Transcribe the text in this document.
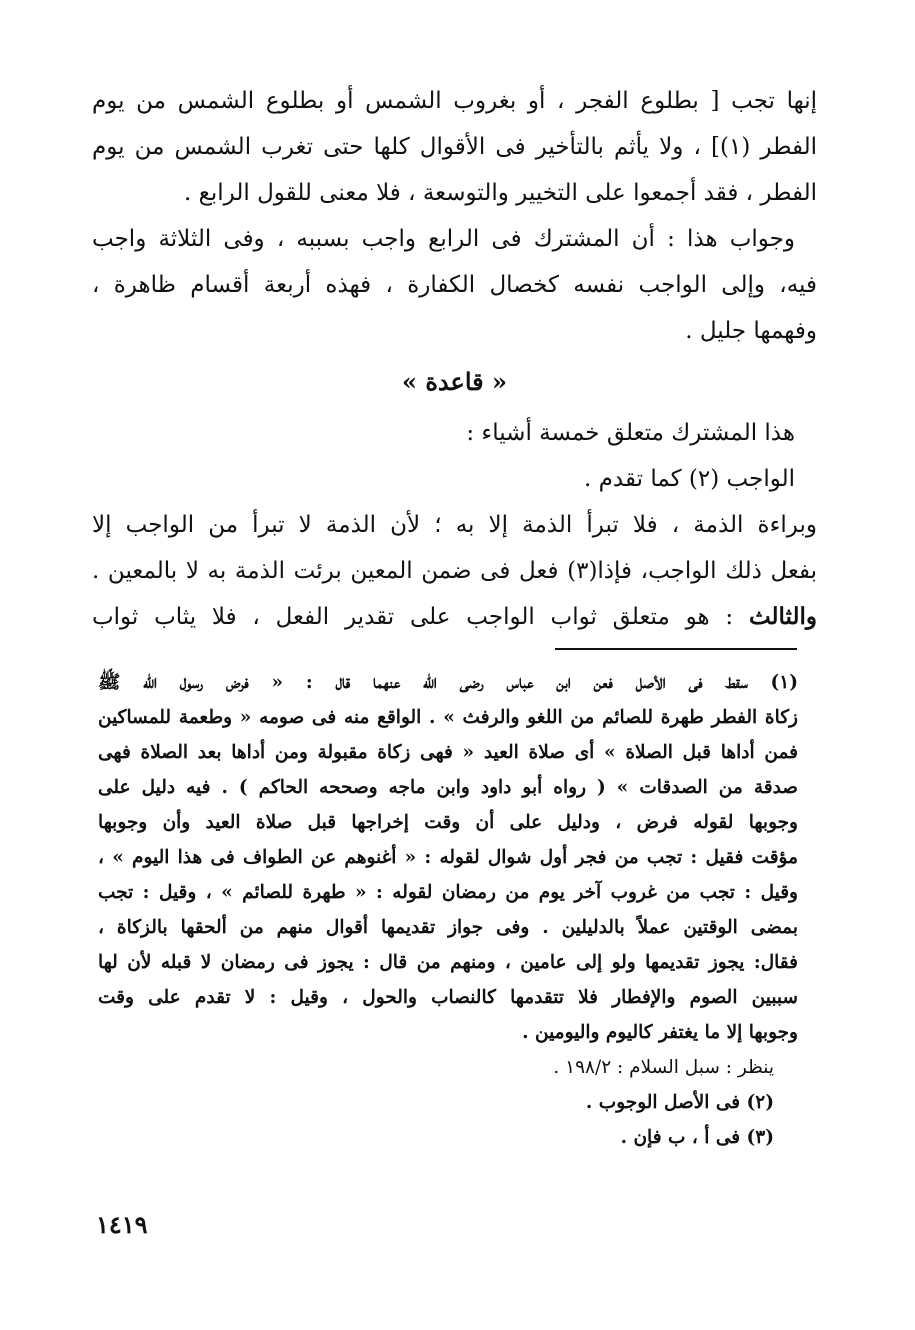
إنها تجب [ بطلوع الفجر ، أو بغروب الشمس أو بطلوع الشمس من يوم
الفطر (١)] ، ولا يأثم بالتأخير فى الأقوال كلها حتى تغرب الشمس من يوم
الفطر ، فقد أجمعوا على التخيير والتوسعة ، فلا معنى للقول الرابع .
وجواب هذا : أن المشترك فى الرابع واجب بسببه ، وفى الثلاثة واجب
فيه، وإلى الواجب نفسه كخصال الكفارة ، فهذه أربعة أقسام ظاهرة ،
وفهمها جليل .
« قاعدة »
هذا المشترك متعلق خمسة أشياء :
الواجب (٢) كما تقدم .
وبراءة الذمة ، فلا تبرأ الذمة إلا به ؛ لأن الذمة لا تبرأ من الواجب إلا
بفعل ذلك الواجب، فإذا(٣) فعل فى ضمن المعين برئت الذمة به لا بالمعين .
والثالث : هو متعلق ثواب الواجب على تقدير الفعل ، فلا يثاب ثواب
(١) سقط فى الأصل فعن ابن عباس رضى الله عنهما قال : « فرض رسول الله ﷺ
زكاة الفطر طهرة للصائم من اللغو والرفث » . الواقع منه فى صومه « وطعمة للمساكين
فمن أداها قبل الصلاة » أى صلاة العيد « فهى زكاة مقبولة ومن أداها بعد الصلاة فهى
صدقة من الصدقات » ( رواه أبو داود وابن ماجه وصححه الحاكم ) . فيه دليل على
وجوبها لقوله فرض ، ودليل على أن وقت إخراجها قبل صلاة العيد وأن وجوبها
مؤقت فقيل : تجب من فجر أول شوال لقوله : « أغنوهم عن الطواف فى هذا اليوم » ،
وقيل : تجب من غروب آخر يوم من رمضان لقوله : « طهرة للصائم » ، وقيل : تجب
بمضى الوقتين عملاً بالدليلين . وفى جواز تقديمها أقوال منهم من ألحقها بالزكاة ،
فقال: يجوز تقديمها ولو إلى عامين ، ومنهم من قال : يجوز فى رمضان لا قبله لأن لها
سببين الصوم والإفطار فلا تتقدمها كالنصاب والحول ، وقيل : لا تقدم على وقت
وجوبها إلا ما يغتفر كاليوم واليومين .
ينظر : سبل السلام : ١٩٨/٢ .
(٢) فى الأصل الوجوب .
(٣) فى أ ، ب فإن .
١٤١٩
